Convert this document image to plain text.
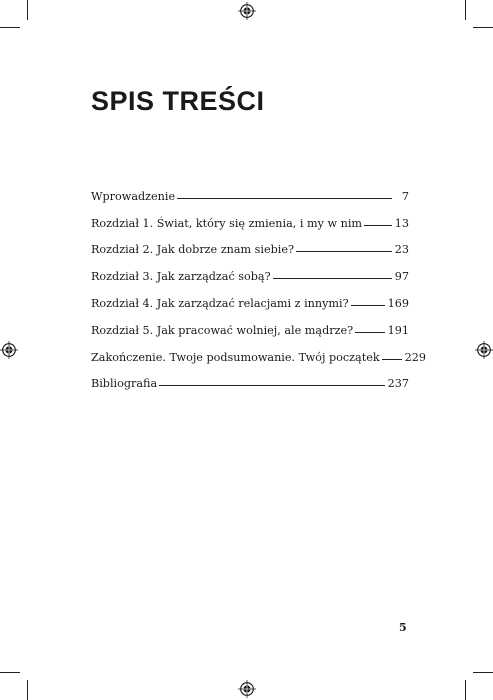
SPIS TREŚCI
Wprowadzenie	7
Rozdział 1. Świat, który się zmienia, i my w nim	13
Rozdział 2. Jak dobrze znam siebie?	23
Rozdział 3. Jak zarządzać sobą?	97
Rozdział 4. Jak zarządzać relacjami z innymi?	169
Rozdział 5. Jak pracować wolniej, ale mądrze?	191
Zakończenie. Twoje podsumowanie. Twój początek 229
Bibliografia	237
5
